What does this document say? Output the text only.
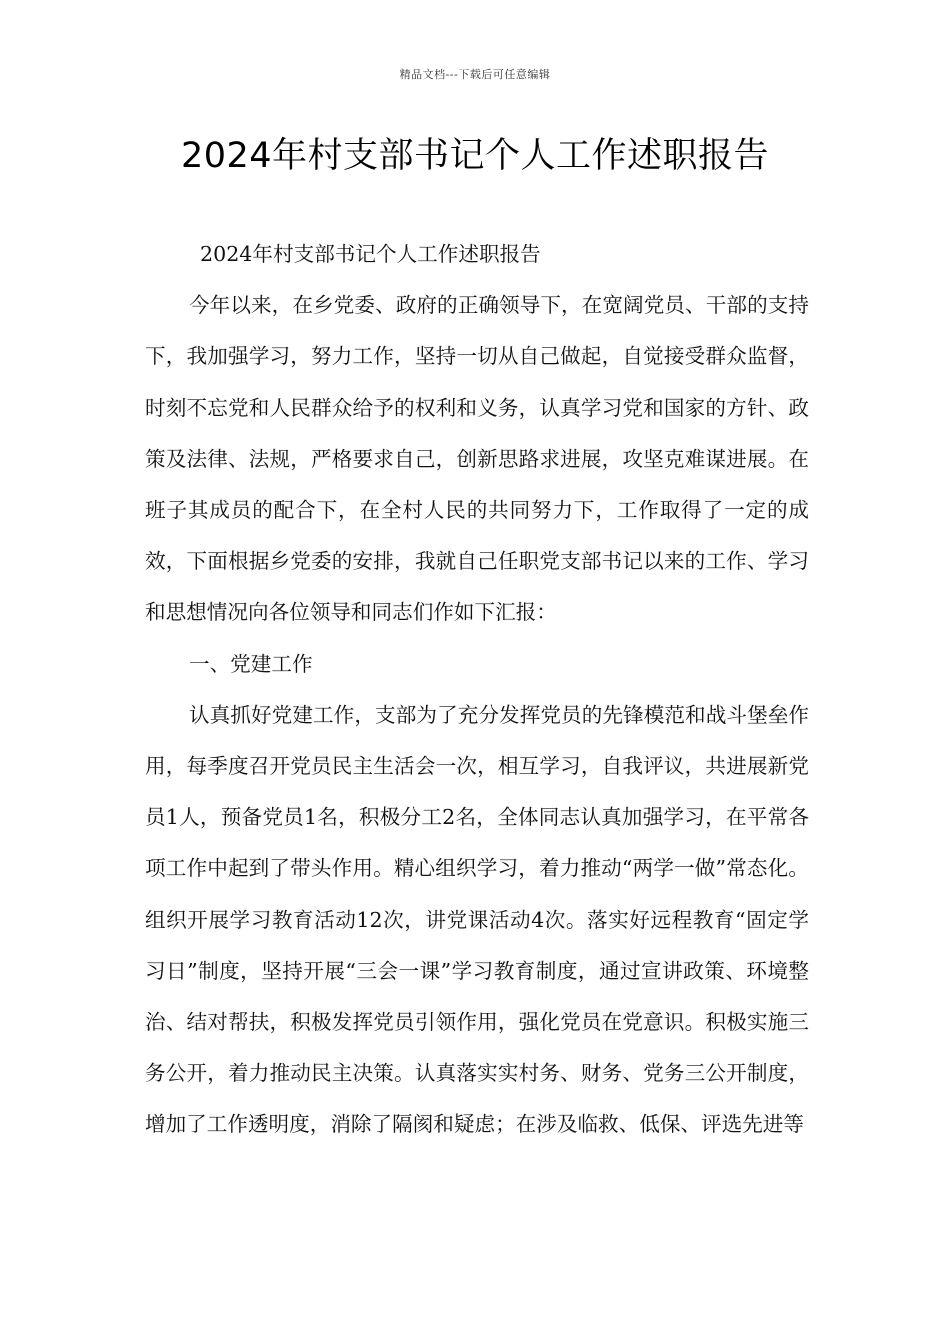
精品文档---下载后可任意编辑
2024年村支部书记个人工作述职报告

2024年村支部书记个人工作述职报告

今年以来，在乡党委、政府的正确领导下，在宽阔党员、干部的支持下，我加强学习，努力工作，坚持一切从自己做起，自觉接受群众监督，时刻不忘党和人民群众给予的权利和义务，认真学习党和国家的方针、政策及法律、法规，严格要求自己，创新思路求进展，攻坚克难谋进展。在班子其成员的配合下，在全村人民的共同努力下，工作取得了一定的成效，下面根据乡党委的安排，我就自己任职党支部书记以来的工作、学习和思想情况向各位领导和同志们作如下汇报：

一、党建工作

认真抓好党建工作，支部为了充分发挥党员的先锋模范和战斗堡垒作用，每季度召开党员民主生活会一次，相互学习，自我评议，共进展新党员1人，预备党员1名，积极分工2名，全体同志认真加强学习，在平常各项工作中起到了带头作用。精心组织学习，着力推动“两学一做”常态化。组织开展学习教育活动12次，讲党课活动4次。落实好远程教育“固定学习日”制度，坚持开展“三会一课”学习教育制度，通过宣讲政策、环境整治、结对帮扶，积极发挥党员引领作用，强化党员在党意识。积极实施三务公开，着力推动民主决策。认真落实实村务、财务、党务三公开制度，增加了工作透明度，消除了隔阂和疑虑；在涉及临救、低保、评选先进等
